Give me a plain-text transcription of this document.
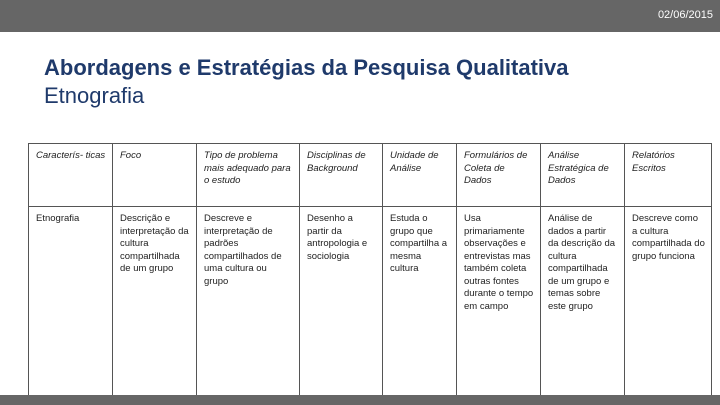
02/06/2015
Abordagens e Estratégias da Pesquisa Qualitativa
Etnografia
Caracterís- ticas	Foco	Tipo de problema mais adequado para o estudo	Disciplinas de Background	Unidade de Análise	Formulários de Coleta de Dados	Análise Estratégica de Dados	Relatórios Escritos
Etnografia	Descrição e interpretação da cultura compartilhada de um grupo	Descreve e interpretação de padrões compartilhados de uma cultura ou grupo	Desenho a partir da antropologia e sociologia	Estuda o grupo que compartilha a mesma cultura	Usa primariamente observações e entrevistas mas também coleta outras fontes durante o tempo em campo	Análise de dados a partir da descrição da cultura compartilhada de um grupo e temas sobre este grupo	Descreve como a cultura compartilhada do grupo funciona
